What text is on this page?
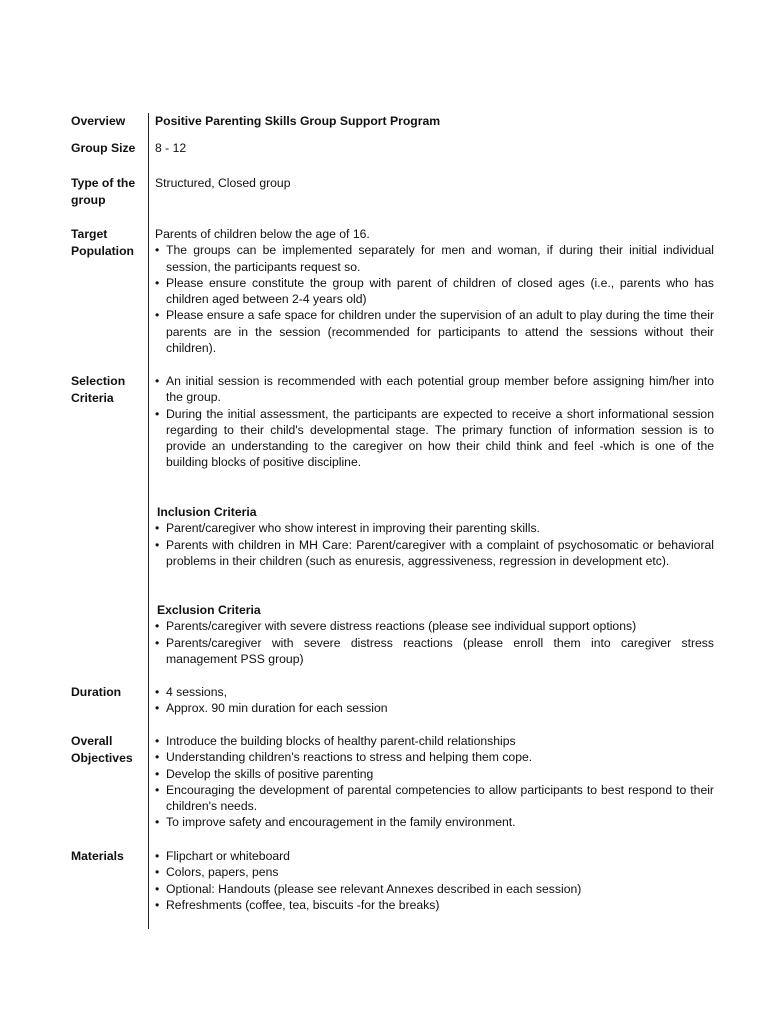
Overview
Group Size
Type of the
group
Target
Population
Selection
Criteria
Duration
Overall
Objectives
Materials
Positive Parenting Skills Group Support Program
8 - 12
Structured, Closed group
Parents of children below the age of 16.
• The groups can be implemented separately for men and woman, if during their initial individual session, the participants request so.
• Please ensure constitute the group with parent of children of closed ages (i.e., parents who has children aged between 2-4 years old)
• Please ensure a safe space for children under the supervision of an adult to play during the time their parents are in the session (recommended for participants to attend the sessions without their children).
• An initial session is recommended with each potential group member before assigning him/her into the group.
• During the initial assessment, the participants are expected to receive a short informational session regarding to their child's developmental stage. The primary function of information session is to provide an understanding to the caregiver on how their child think and feel -which is one of the building blocks of positive discipline.
Inclusion Criteria
• Parent/caregiver who show interest in improving their parenting skills.
• Parents with children in MH Care: Parent/caregiver with a complaint of psychosomatic or behavioral problems in their children (such as enuresis, aggressiveness, regression in development etc).
Exclusion Criteria
• Parents/caregiver with severe distress reactions (please see individual support options)
• Parents/caregiver with severe distress reactions (please enroll them into caregiver stress management PSS group)
• 4 sessions,
• Approx. 90 min duration for each session
• Introduce the building blocks of healthy parent-child relationships
• Understanding children's reactions to stress and helping them cope.
• Develop the skills of positive parenting
• Encouraging the development of parental competencies to allow participants to best respond to their children's needs.
• To improve safety and encouragement in the family environment.
• Flipchart or whiteboard
• Colors, papers, pens
• Optional: Handouts (please see relevant Annexes described in each session)
• Refreshments (coffee, tea, biscuits -for the breaks)
